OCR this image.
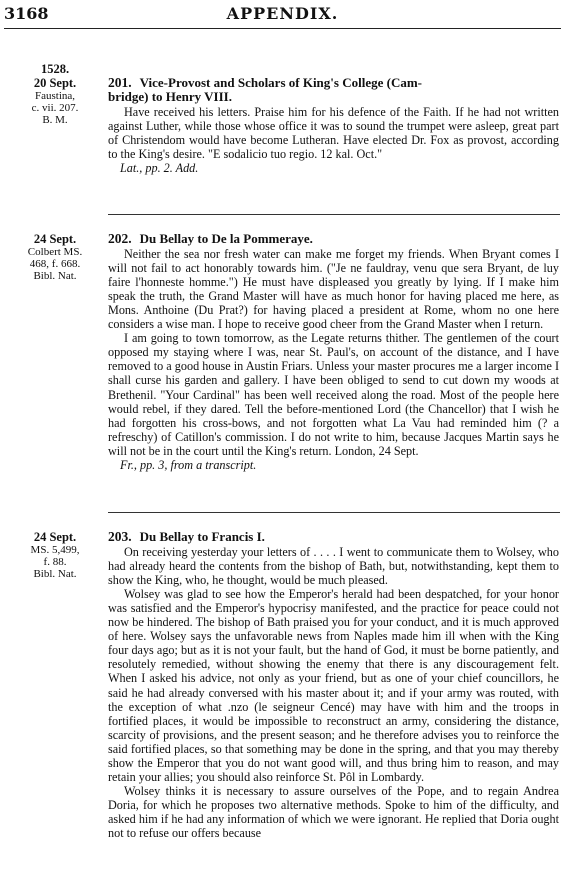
3168	APPENDIX.
1528.
20 Sept.
Faustina,
c. vii. 207.
B. M.
201. Vice-Provost and Scholars of King's College (Cam-
bridge) to Henry VIII.

Have received his letters. Praise him for his defence of the Faith. If he had not written against Luther, while those whose office it was to sound the trumpet were asleep, great part of Christendom would have become Lutheran. Have elected Dr. Fox as provost, according to the King's desire. "E sodalicio tuo regio. 12 kal. Oct."

Lat., pp. 2. Add.

24 Sept.
Colbert MS.
468, f. 668.
Bibl. Nat.
202. Du Bellay to De la Pommeraye.

Neither the sea nor fresh water can make me forget my friends. When Bryant comes I will not fail to act honorably towards him. ("Je ne fauldray, venu que sera Bryant, de luy faire l'honneste homme.") He must have displeased you greatly by lying. If I make him speak the truth, the Grand Master will have as much honor for having placed me here, as Mons. Anthoine (Du Prat?) for having placed a president at Rome, whom no one here considers a wise man. I hope to receive good cheer from the Grand Master when I return.

I am going to town tomorrow, as the Legate returns thither. The gentlemen of the court opposed my staying where I was, near St. Paul's, on account of the distance, and I have removed to a good house in Austin Friars. Unless your master procures me a larger income I shall curse his garden and gallery. I have been obliged to send to cut down my woods at Brethenil. "Your Cardinal" has been well received along the road. Most of the people here would rebel, if they dared. Tell the before-mentioned Lord (the Chancellor) that I wish he had forgotten his cross-bows, and not forgotten what La Vau had reminded him (? a refreschy) of Catillon's commission. I do not write to him, because Jacques Martin says he will not be in the court until the King's return. London, 24 Sept.

Fr., pp. 3, from a transcript.

24 Sept.
MS. 5,499,
f. 88.
Bibl. Nat.
203. Du Bellay to Francis I.

On receiving yesterday your letters of . . . . I went to communicate them to Wolsey, who had already heard the contents from the bishop of Bath, but, notwithstanding, kept them to show the King, who, he thought, would be much pleased.

Wolsey was glad to see how the Emperor's herald had been despatched, for your honor was satisfied and the Emperor's hypocrisy manifested, and the practice for peace could not now be hindered. The bishop of Bath praised you for your conduct, and it is much approved of here. Wolsey says the unfavorable news from Naples made him ill when with the King four days ago; but as it is not your fault, but the hand of God, it must be borne patiently, and resolutely remedied, without showing the enemy that there is any discouragement felt. When I asked his advice, not only as your friend, but as one of your chief councillors, he said he had already conversed with his master about it; and if your army was routed, with the exception of what .nzo (le seigneur Cencé) may have with him and the troops in fortified places, it would be impossible to reconstruct an army, considering the distance, scarcity of provisions, and the present season; and he therefore advises you to reinforce the said fortified places, so that something may be done in the spring, and that you may thereby show the Emperor that you do not want good will, and thus bring him to reason, and may retain your allies; you should also reinforce St. Pôl in Lombardy.

Wolsey thinks it is necessary to assure ourselves of the Pope, and to regain Andrea Doria, for which he proposes two alternative methods. Spoke to him of the difficulty, and asked him if he had any information of which we were ignorant. He replied that Doria ought not to refuse our offers because
